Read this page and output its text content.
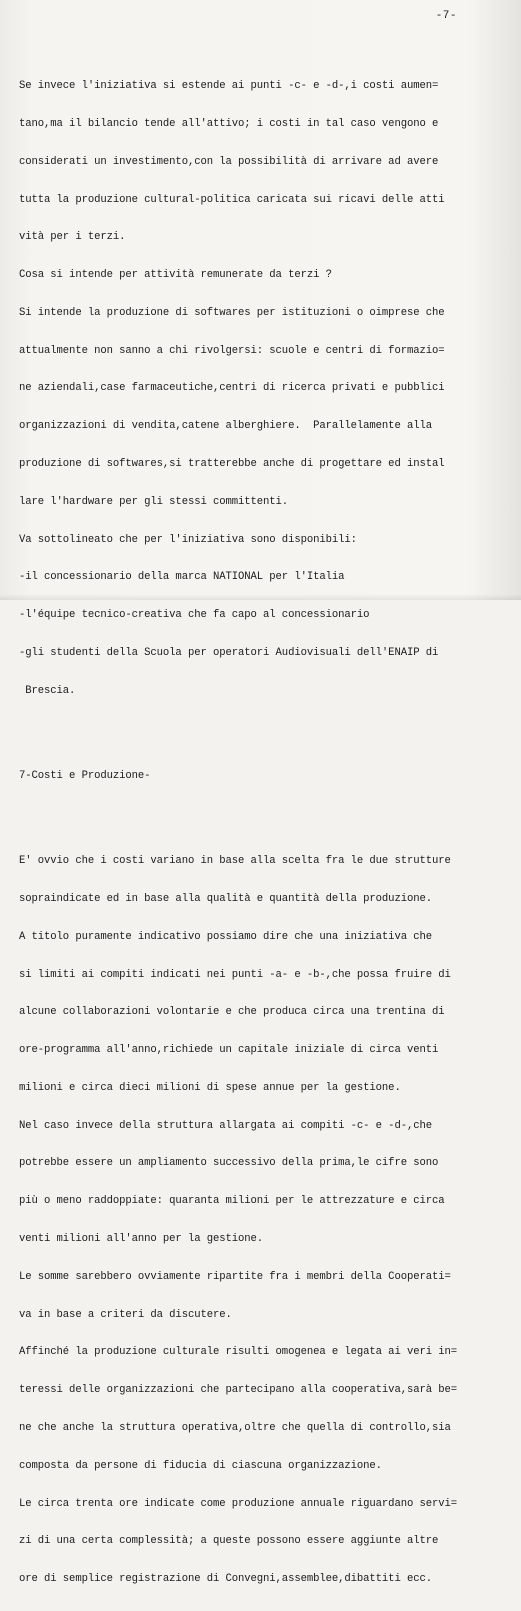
-7-

Se invece l'iniziativa si estende ai punti -c- e -d-,i costi aumen=

tano,ma il bilancio tende all'attivo; i costi in tal caso vengono e

considerati un investimento,con la possibilità di arrivare ad avere

tutta la produzione cultural-politica caricata sui ricavi delle atti

vità per i terzi.

Cosa si intende per attività remunerate da terzi ?

Si intende la produzione di softwares per istituzioni o oimprese che

attualmente non sanno a chi rivolgersi: scuole e centri di formazio=

ne aziendali,case farmaceutiche,centri di ricerca privati e pubblici

organizzazioni di vendita,catene alberghiere.  Parallelamente alla

produzione di softwares,si tratterebbe anche di progettare ed instal

lare l'hardware per gli stessi committenti.

Va sottolineato che per l'iniziativa sono disponibili:

-il concessionario della marca NATIONAL per l'Italia

-l'équipe tecnico-creativa che fa capo al concessionario

-gli studenti della Scuola per operatori Audiovisuali dell'ENAIP di

Brescia.

7-Costi e Produzione-

E' ovvio che i costi variano in base alla scelta fra le due strutture

sopraindicate ed in base alla qualità e quantità della produzione.

A titolo puramente indicativo possiamo dire che una iniziativa che

si limiti ai compiti indicati nei punti -a- e -b-,che possa fruire di

alcune collaborazioni volontarie e che produca circa una trentina di

ore-programma all'anno,richiede un capitale iniziale di circa venti

milioni e circa dieci milioni di spese annue per la gestione.

Nel caso invece della struttura allargata ai compiti -c- e -d-,che

potrebbe essere un ampliamento successivo della prima,le cifre sono

più o meno raddoppiate: quaranta milioni per le attrezzature e circa

venti milioni all'anno per la gestione.

Le somme sarebbero ovviamente ripartite fra i membri della Cooperati=

va in base a criteri da discutere.

Affinché la produzione culturale risulti omogenea e legata ai veri in=

teressi delle organizzazioni che partecipano alla cooperativa,sarà be=

ne che anche la struttura operativa,oltre che quella di controllo,sia

composta da persone di fiducia di ciascuna organizzazione.

Le circa trenta ore indicate come produzione annuale riguardano servi=

zi di una certa complessità; a queste possono essere aggiunte altre

ore di semplice registrazione di Convegni,assemblee,dibattiti ecc.
